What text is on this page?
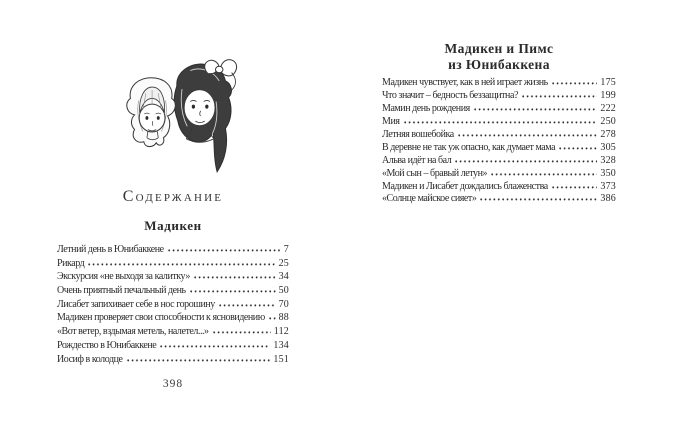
Содержание
Мадикен
Летний день в Юнибаккене	7
Рикард	25
Экскурсия «не выходя за калитку»	34
Очень приятный печальный день	50
Лисабет запихивает себе в нос горошину	70
Мадикен проверяет свои способности к ясновидению 88
«Вот ветер, вздымая метель, налетел...»	112
Рождество в Юнибаккене	134
Иосиф в колодце	151
398
Мадикен и Пимс
из Юнибаккена
Мадикен чувствует, как в ней играет жизнь	175
Что значит – бедность беззащитна?	199
Мамин день рождения	222
Мия	250
Летняя вошебойка	278
В деревне не так уж опасно, как думает мама	305
Альва идёт на бал	328
«Мой сын – бравый летун»	350
Мадикен и Лисабет дождались блаженства	373
«Солнце майское сияет»	386
